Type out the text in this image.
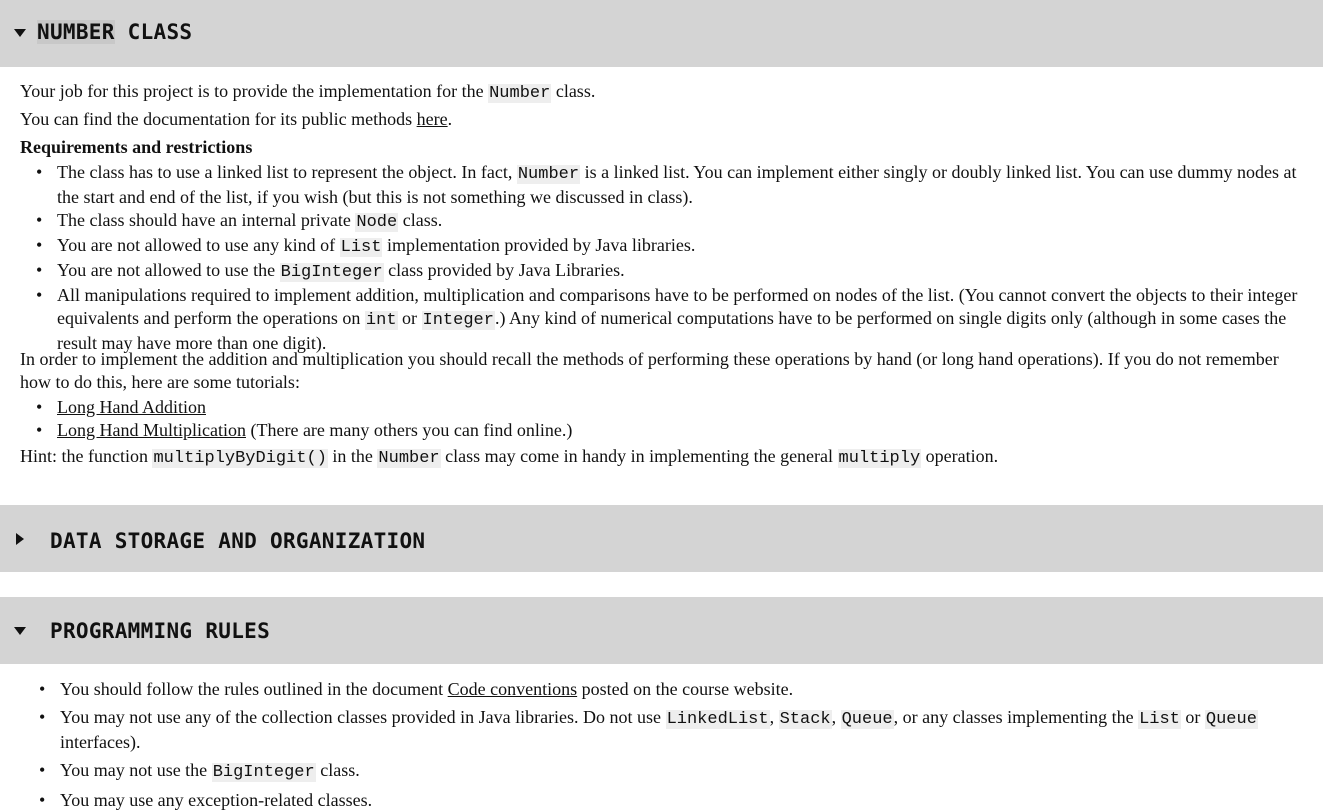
NUMBER CLASS

Your job for this project is to provide the implementation for the Number class.

You can find the documentation for its public methods here.

Requirements and restrictions

• The class has to use a linked list to represent the object. In fact, Number is a linked list. You can implement either singly or doubly linked list. You can use dummy nodes at the start and end of the list, if you wish (but this is not something we discussed in class).
• The class should have an internal private Node class.
• You are not allowed to use any kind of List implementation provided by Java libraries.
• You are not allowed to use the BigInteger class provided by Java Libraries.
• All manipulations required to implement addition, multiplication and comparisons have to be performed on nodes of the list. (You cannot convert the objects to their integer equivalents and perform the operations on int or Integer.) Any kind of numerical computations have to be performed on single digits only (although in some cases the result may have more than one digit).

In order to implement the addition and multiplication you should recall the methods of performing these operations by hand (or long hand operations). If you do not remember how to do this, here are some tutorials:

• Long Hand Addition
• Long Hand Multiplication (There are many others you can find online.)

Hint: the function multiplyByDigit() in the Number class may come in handy in implementing the general multiply operation.

DATA STORAGE AND ORGANIZATION
PROGRAMMING RULES
• You should follow the rules outlined in the document Code conventions posted on the course website.
• You may not use any of the collection classes provided in Java libraries. Do not use LinkedList, Stack, Queue, or any classes implementing the List or Queue interfaces).
• You may not use the BigInteger class.
• You may use any exception-related classes.
